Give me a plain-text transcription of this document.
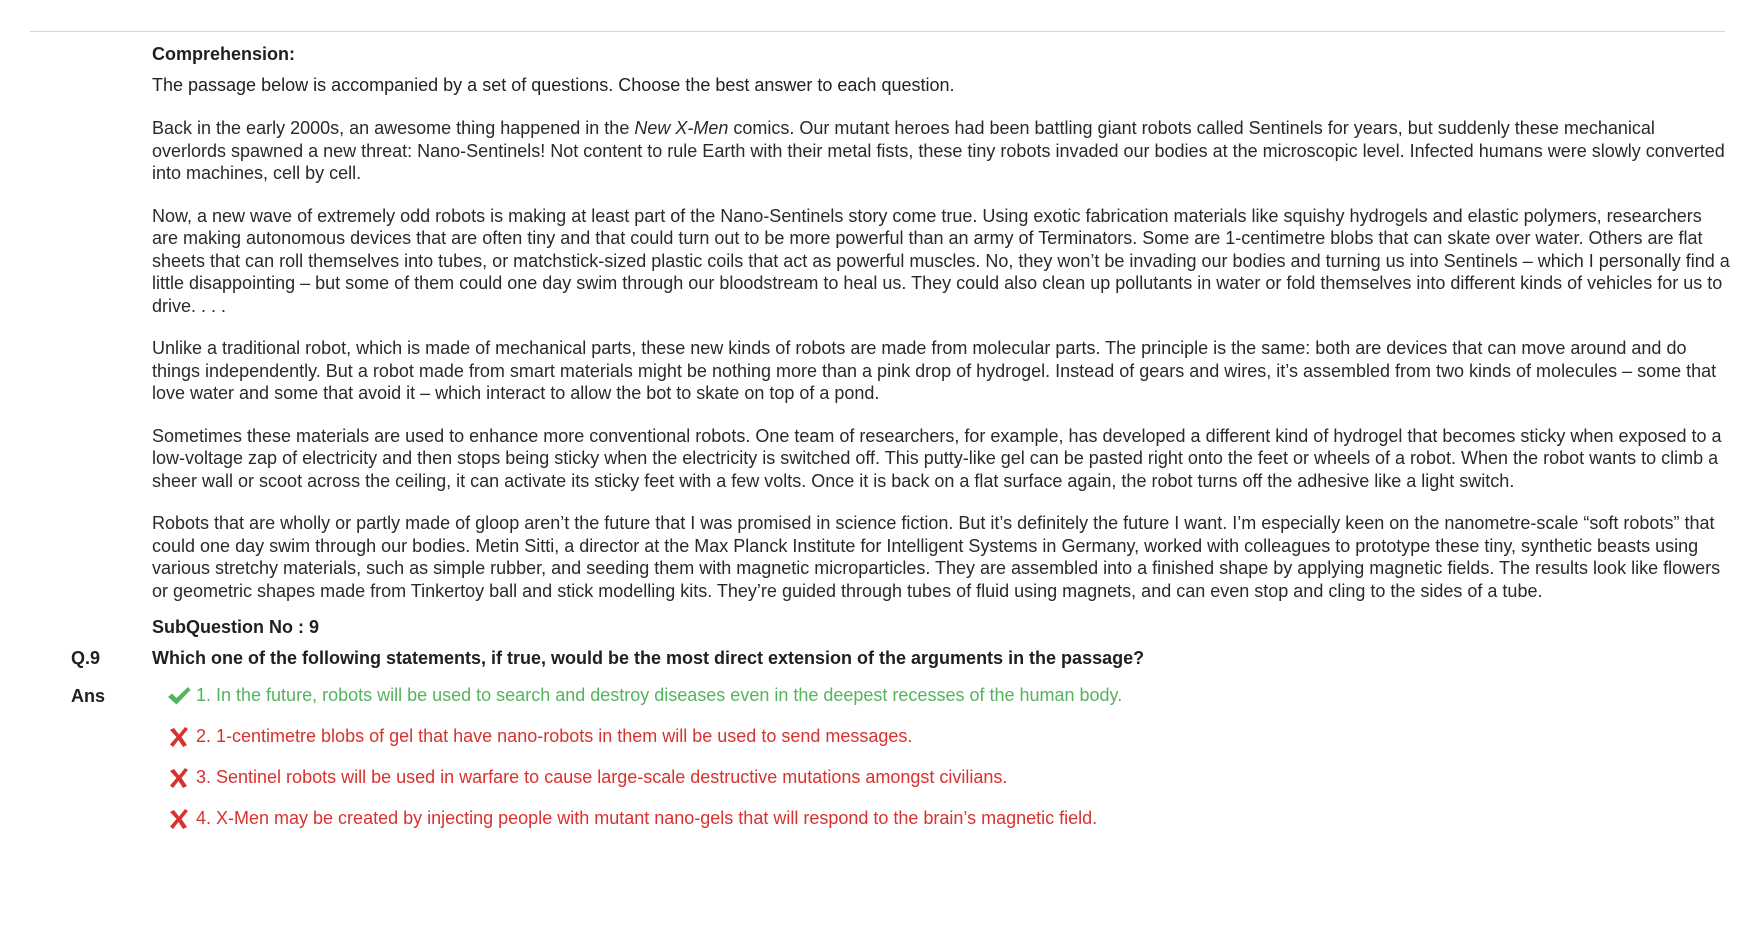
Comprehension:
The passage below is accompanied by a set of questions. Choose the best answer to each question.

Back in the early 2000s, an awesome thing happened in the New X-Men comics. Our mutant heroes had been battling giant robots called Sentinels for years, but suddenly these mechanical overlords spawned a new threat: Nano-Sentinels! Not content to rule Earth with their metal fists, these tiny robots invaded our bodies at the microscopic level. Infected humans were slowly converted into machines, cell by cell.

Now, a new wave of extremely odd robots is making at least part of the Nano-Sentinels story come true. Using exotic fabrication materials like squishy hydrogels and elastic polymers, researchers are making autonomous devices that are often tiny and that could turn out to be more powerful than an army of Terminators. Some are 1-centimetre blobs that can skate over water. Others are flat sheets that can roll themselves into tubes, or matchstick-sized plastic coils that act as powerful muscles. No, they won’t be invading our bodies and turning us into Sentinels – which I personally find a little disappointing – but some of them could one day swim through our bloodstream to heal us. They could also clean up pollutants in water or fold themselves into different kinds of vehicles for us to drive. . . .

Unlike a traditional robot, which is made of mechanical parts, these new kinds of robots are made from molecular parts. The principle is the same: both are devices that can move around and do things independently. But a robot made from smart materials might be nothing more than a pink drop of hydrogel. Instead of gears and wires, it’s assembled from two kinds of molecules – some that love water and some that avoid it – which interact to allow the bot to skate on top of a pond.

Sometimes these materials are used to enhance more conventional robots. One team of researchers, for example, has developed a different kind of hydrogel that becomes sticky when exposed to a low-voltage zap of electricity and then stops being sticky when the electricity is switched off. This putty-like gel can be pasted right onto the feet or wheels of a robot. When the robot wants to climb a sheer wall or scoot across the ceiling, it can activate its sticky feet with a few volts. Once it is back on a flat surface again, the robot turns off the adhesive like a light switch.

Robots that are wholly or partly made of gloop aren’t the future that I was promised in science fiction. But it’s definitely the future I want. I’m especially keen on the nanometre-scale “soft robots” that could one day swim through our bodies. Metin Sitti, a director at the Max Planck Institute for Intelligent Systems in Germany, worked with colleagues to prototype these tiny, synthetic beasts using various stretchy materials, such as simple rubber, and seeding them with magnetic microparticles. They are assembled into a finished shape by applying magnetic fields. The results look like flowers or geometric shapes made from Tinkertoy ball and stick modelling kits. They’re guided through tubes of fluid using magnets, and can even stop and cling to the sides of a tube.

SubQuestion No : 9
Q.9	Which one of the following statements, if true, would be the most direct extension of the arguments in the passage?
Ans	1. In the future, robots will be used to search and destroy diseases even in the deepest recesses of the human body.
2. 1-centimetre blobs of gel that have nano-robots in them will be used to send messages.
3. Sentinel robots will be used in warfare to cause large-scale destructive mutations amongst civilians.
4. X-Men may be created by injecting people with mutant nano-gels that will respond to the brain’s magnetic field.
